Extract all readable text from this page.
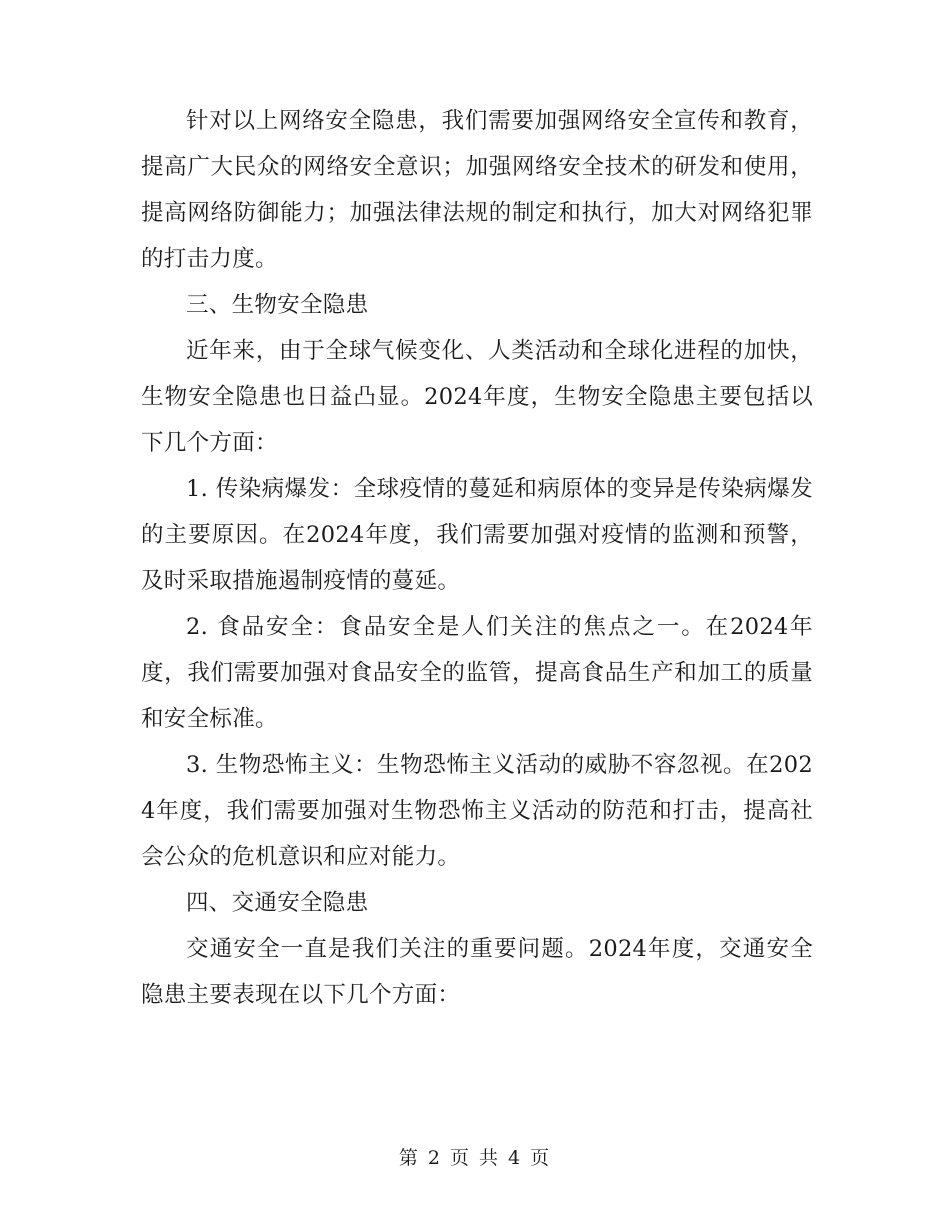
针对以上网络安全隐患，我们需要加强网络安全宣传和教育，提高广大民众的网络安全意识；加强网络安全技术的研发和使用，提高网络防御能力；加强法律法规的制定和执行，加大对网络犯罪的打击力度。

三、生物安全隐患

近年来，由于全球气候变化、人类活动和全球化进程的加快，生物安全隐患也日益凸显。2024年度，生物安全隐患主要包括以下几个方面：

1. 传染病爆发：全球疫情的蔓延和病原体的变异是传染病爆发的主要原因。在2024年度，我们需要加强对疫情的监测和预警，及时采取措施遏制疫情的蔓延。

2. 食品安全：食品安全是人们关注的焦点之一。在2024年度，我们需要加强对食品安全的监管，提高食品生产和加工的质量和安全标准。

3. 生物恐怖主义：生物恐怖主义活动的威胁不容忽视。在2024年度，我们需要加强对生物恐怖主义活动的防范和打击，提高社会公众的危机意识和应对能力。

四、交通安全隐患

交通安全一直是我们关注的重要问题。2024年度，交通安全隐患主要表现在以下几个方面：

第 2 页 共 4 页
